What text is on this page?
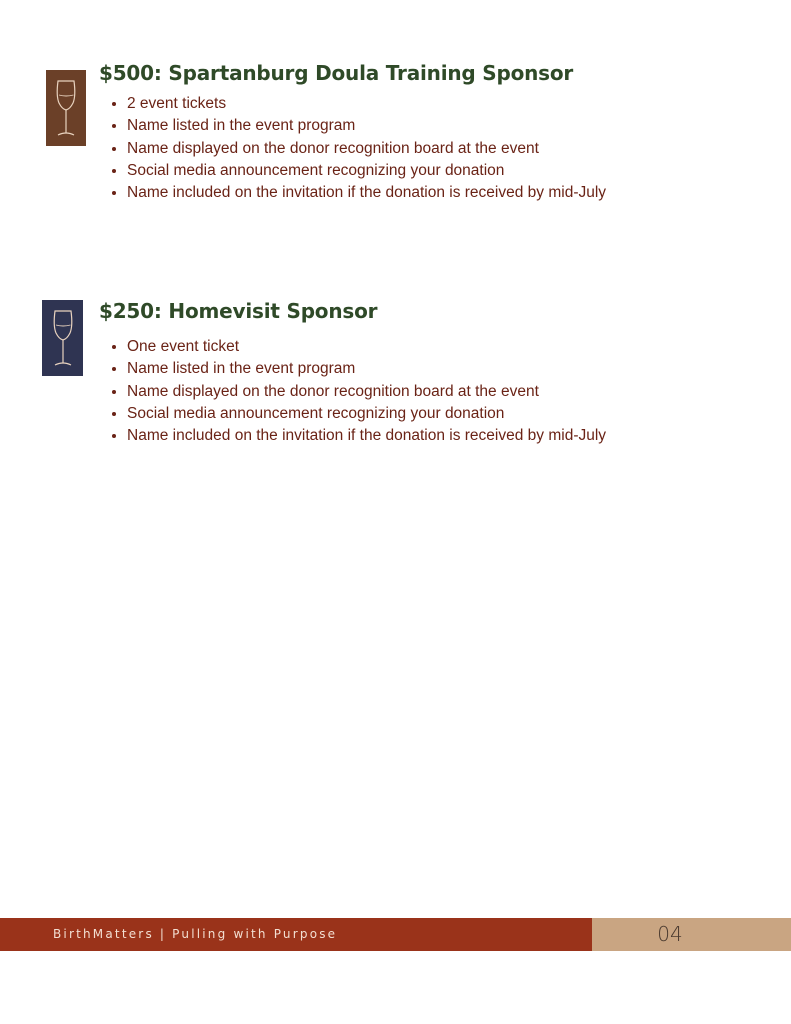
$500: Spartanburg Doula Training Sponsor
• 2 event tickets
• Name listed in the event program
• Name displayed on the donor recognition board at the event
• Social media announcement recognizing your donation
• Name included on the invitation if the donation is received by mid-July
$250: Homevisit Sponsor
• One event ticket
• Name listed in the event program
• Name displayed on the donor recognition board at the event
• Social media announcement recognizing your donation
• Name included on the invitation if the donation is received by mid-July
BirthMatters | Pulling with Purpose	04
